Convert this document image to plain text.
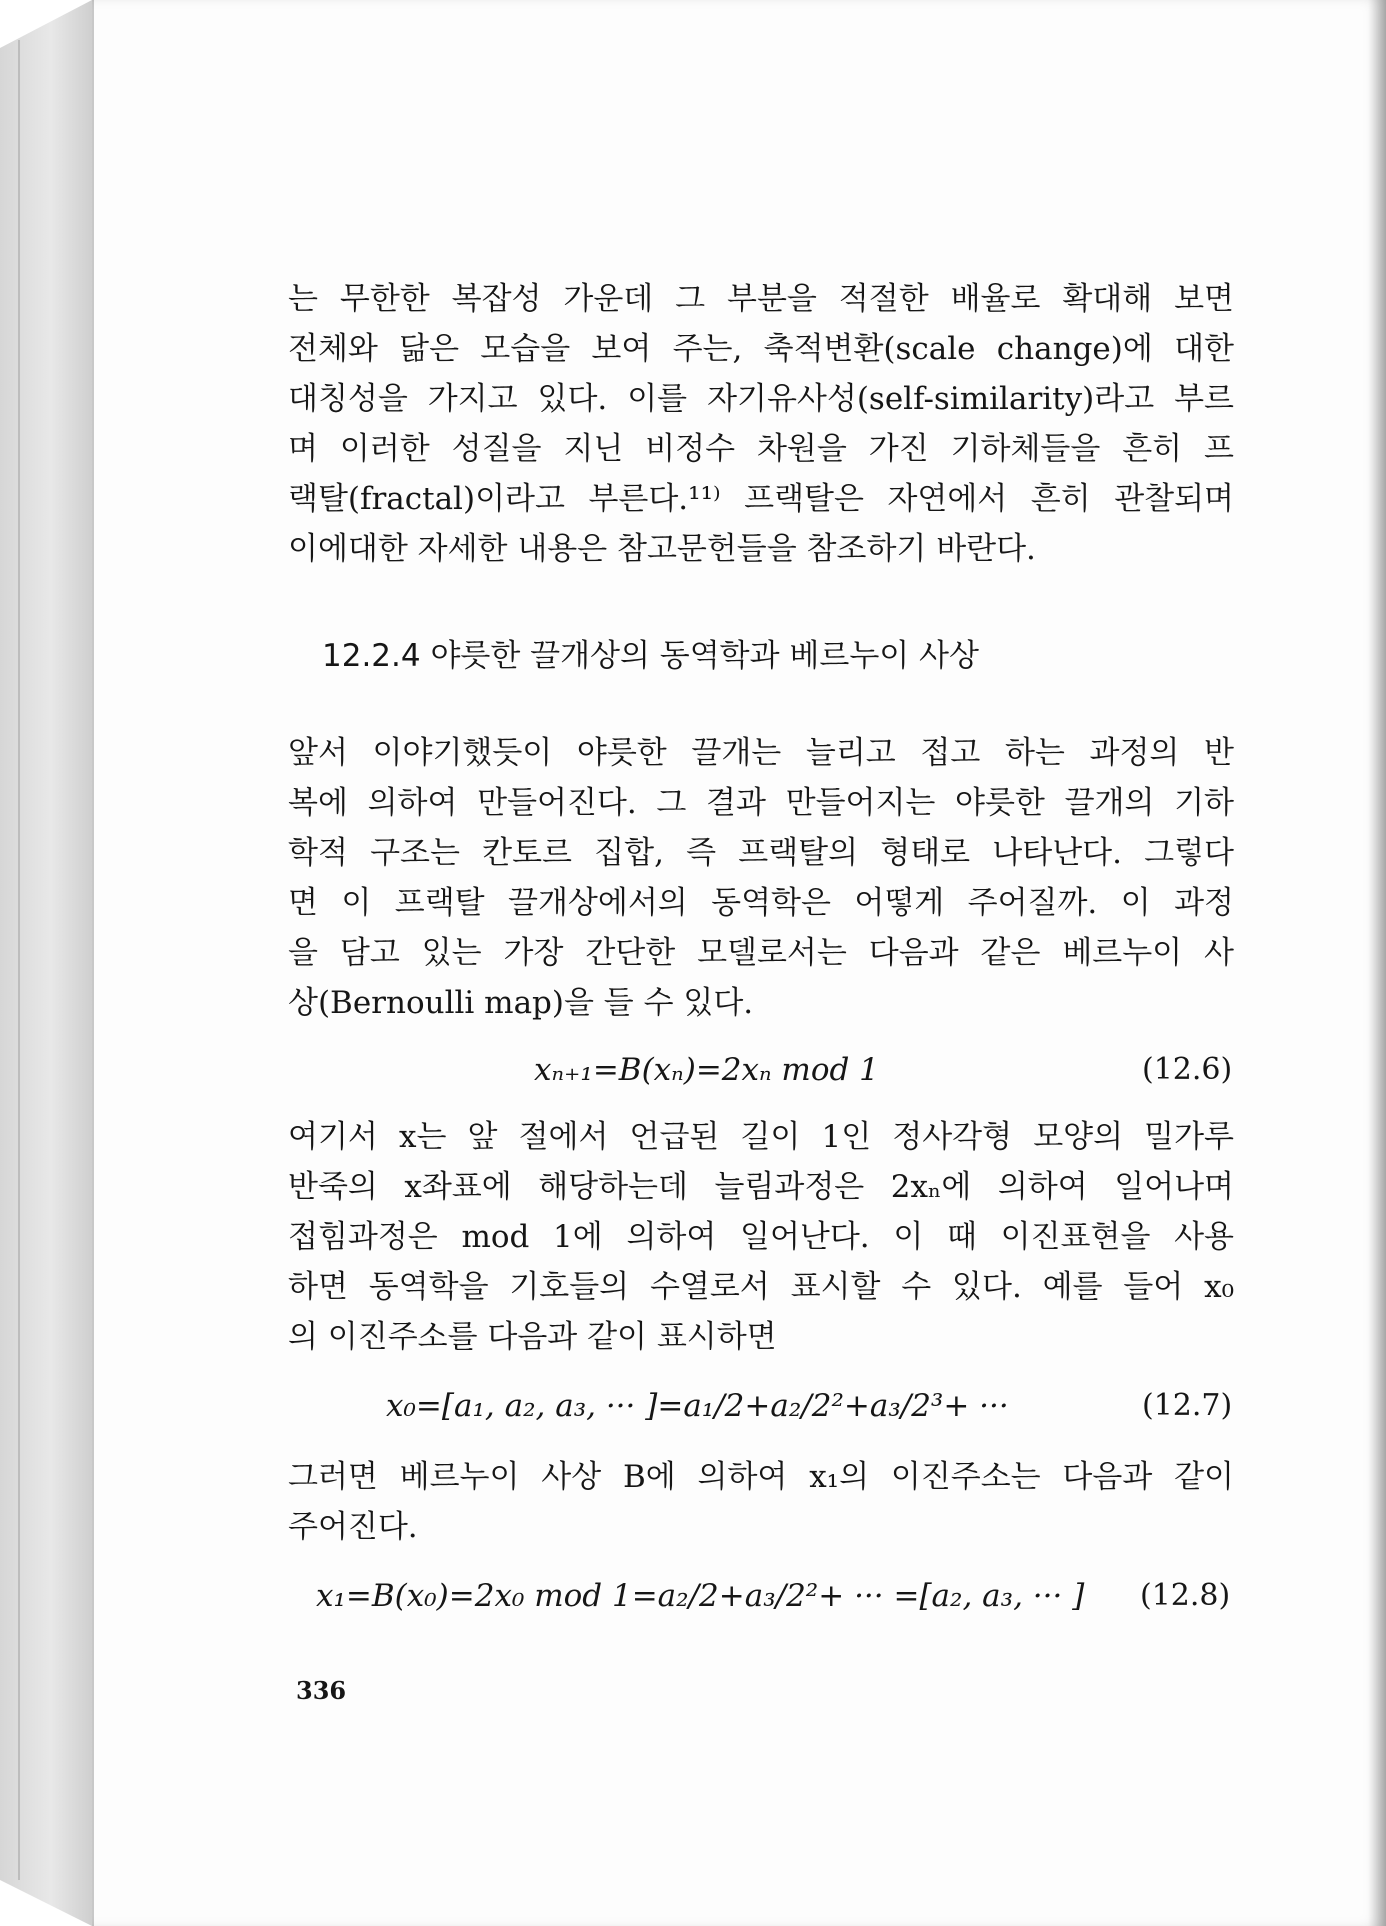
는 무한한 복잡성 가운데 그 부분을 적절한 배율로 확대해 보면
전체와 닮은 모습을 보여 주는, 축적변환(scale change)에 대한
대칭성을 가지고 있다. 이를 자기유사성(self-similarity)라고 부르
며 이러한 성질을 지닌 비정수 차원을 가진 기하체들을 흔히 프
랙탈(fractal)이라고 부른다.¹¹⁾ 프랙탈은 자연에서 흔히 관찰되며
이에대한 자세한 내용은 참고문헌들을 참조하기 바란다.
12.2.4 야릇한 끌개상의 동역학과 베르누이 사상
앞서 이야기했듯이 야릇한 끌개는 늘리고 접고 하는 과정의 반
복에 의하여 만들어진다. 그 결과 만들어지는 야릇한 끌개의 기하
학적 구조는 칸토르 집합, 즉 프랙탈의 형태로 나타난다. 그렇다
면 이 프랙탈 끌개상에서의 동역학은 어떻게 주어질까. 이 과정
을 담고 있는 가장 간단한 모델로서는 다음과 같은 베르누이 사
상(Bernoulli map)을 들 수 있다.
xₙ₊₁=B(xₙ)=2xₙ mod 1	(12.6)
여기서 x는 앞 절에서 언급된 길이 1인 정사각형 모양의 밀가루
반죽의 x좌표에 해당하는데 늘림과정은 2xₙ에 의하여 일어나며
접힘과정은 mod 1에 의하여 일어난다. 이 때 이진표현을 사용
하면 동역학을 기호들의 수열로서 표시할 수 있다. 예를 들어 x₀
의 이진주소를 다음과 같이 표시하면
x₀=[a₁, a₂, a₃, ··· ]=a₁/2+a₂/2²+a₃/2³+ ···	(12.7)
그러면 베르누이 사상 B에 의하여 x₁의 이진주소는 다음과 같이
주어진다.
x₁=B(x₀)=2x₀ mod 1=a₂/2+a₃/2²+ ··· =[a₂, a₃, ··· ] (12.8)
336
